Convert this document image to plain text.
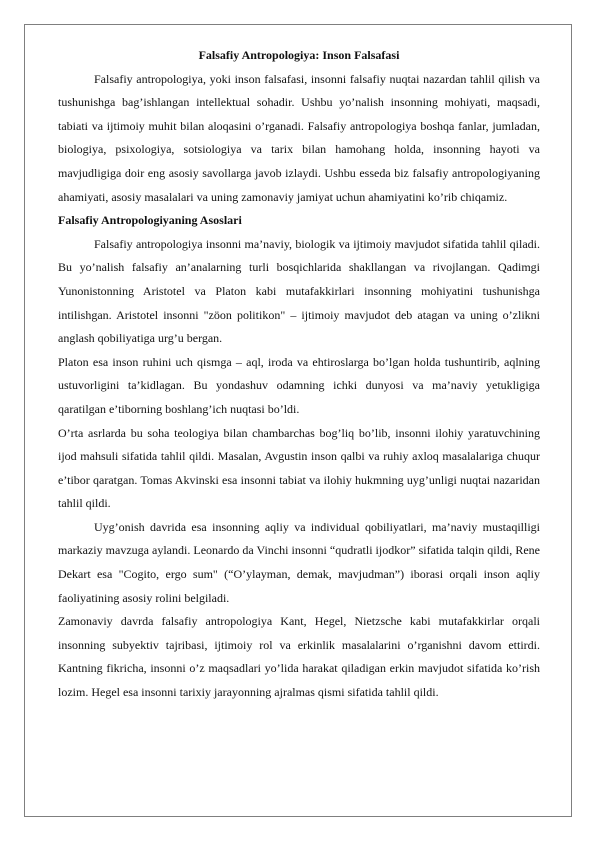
Falsafiy Antropologiya: Inson Falsafasi

Falsafiy antropologiya, yoki inson falsafasi, insonni falsafiy nuqtai nazardan tahlil qilish va tushunishga bag’ishlangan intellektual sohadir. Ushbu yo’nalish insonning mohiyati, maqsadi, tabiati va ijtimoiy muhit bilan aloqasini o’rganadi. Falsafiy antropologiya boshqa fanlar, jumladan, biologiya, psixologiya, sotsiologiya va tarix bilan hamohang holda, insonning hayoti va mavjudligiga doir eng asosiy savollarga javob izlaydi. Ushbu esseda biz falsafiy antropologiyaning ahamiyati, asosiy masalalari va uning zamonaviy jamiyat uchun ahamiyatini ko’rib chiqamiz.

Falsafiy Antropologiyaning Asoslari

Falsafiy antropologiya insonni ma’naviy, biologik va ijtimoiy mavjudot sifatida tahlil qiladi. Bu yo’nalish falsafiy an’analarning turli bosqichlarida shakllangan va rivojlangan. Qadimgi Yunonistonning Aristotel va Platon kabi mutafakkirlari insonning mohiyatini tushunishga intilishgan. Aristotel insonni "zöon politikon" – ijtimoiy mavjudot deb atagan va uning o’zlikni anglash qobiliyatiga urg’u bergan.

Platon esa inson ruhini uch qismga – aql, iroda va ehtiroslarga bo’lgan holda tushuntirib, aqlning ustuvorligini ta’kidlagan. Bu yondashuv odamning ichki dunyosi va ma’naviy yetukligiga qaratilgan e’tiborning boshlang’ich nuqtasi bo’ldi.

O’rta asrlarda bu soha teologiya bilan chambarchas bog’liq bo’lib, insonni ilohiy yaratuvchining ijod mahsuli sifatida tahlil qildi. Masalan, Avgustin inson qalbi va ruhiy axloq masalalariga chuqur e’tibor qaratgan. Tomas Akvinski esa insonni tabiat va ilohiy hukmning uyg’unligi nuqtai nazaridan tahlil qildi.

Uyg’onish davrida esa insonning aqliy va individual qobiliyatlari, ma’naviy mustaqilligi markaziy mavzuga aylandi. Leonardo da Vinchi insonni “qudratli ijodkor” sifatida talqin qildi, Rene Dekart esa "Cogito, ergo sum" (“O’ylayman, demak, mavjudman”) iborasi orqali inson aqliy faoliyatining asosiy rolini belgiladi.

Zamonaviy davrda falsafiy antropologiya Kant, Hegel, Nietzsche kabi mutafakkirlar orqali insonning subyektiv tajribasi, ijtimoiy rol va erkinlik masalalarini o’rganishni davom ettirdi. Kantning fikricha, insonni o’z maqsadlari yo’lida harakat qiladigan erkin mavjudot sifatida ko’rish lozim. Hegel esa insonni tarixiy jarayonning ajralmas qismi sifatida tahlil qildi.
